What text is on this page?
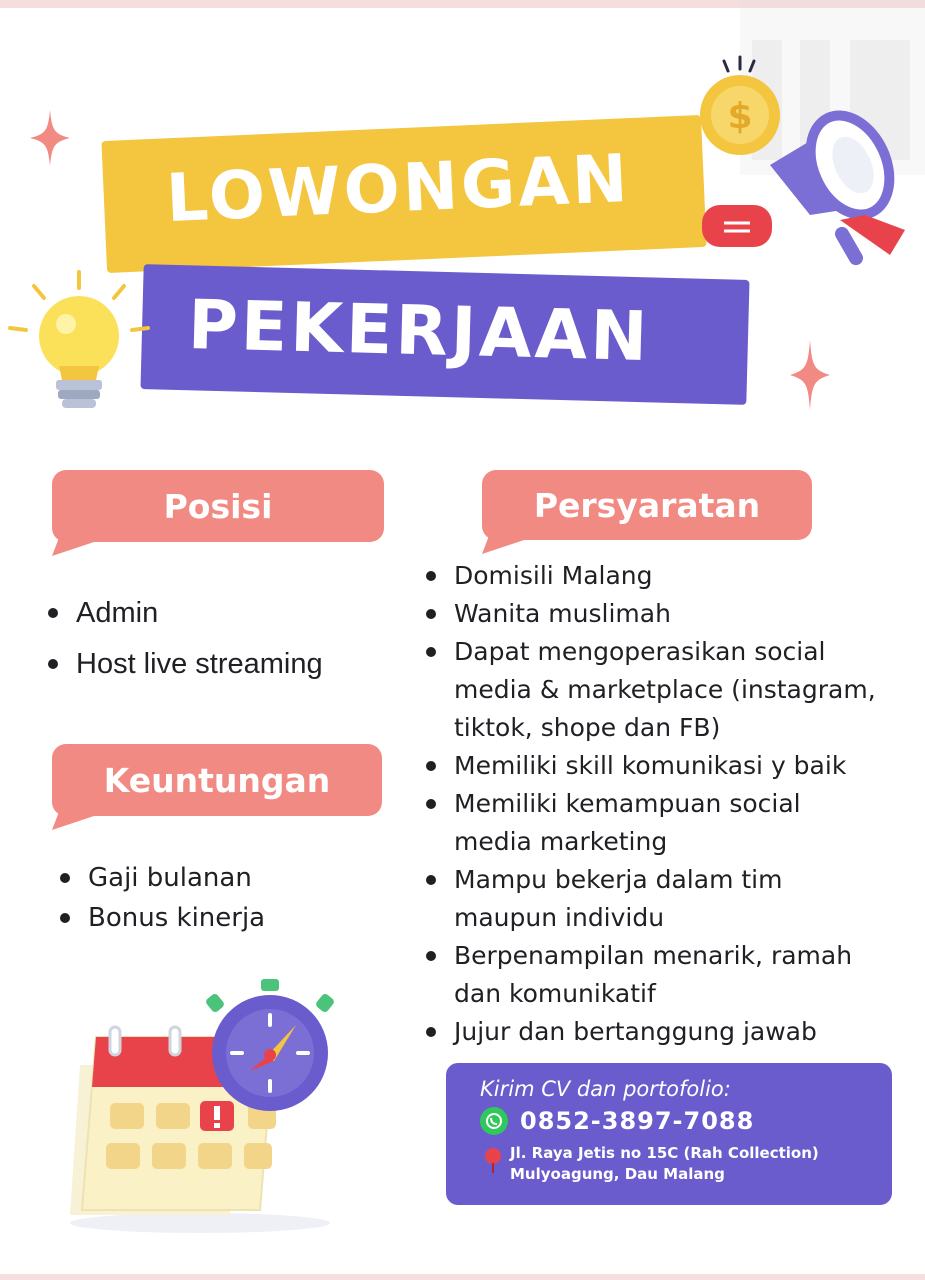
LOWONGAN
PEKERJAAN
$
Posisi
Admin
Host live streaming
Keuntungan
Gaji bulanan
Bonus kinerja
Persyaratan
Domisili Malang
Wanita muslimah
Dapat mengoperasikan social media & marketplace (instagram, tiktok, shope dan FB)
Memiliki skill komunikasi y baik
Memiliki kemampuan social media marketing
Mampu bekerja dalam tim maupun individu
Berpenampilan menarik, ramah dan komunikatif
Jujur dan bertanggung jawab
Kirim CV dan portofolio:
0852-3897-7088
Jl. Raya Jetis no 15C (Rah Collection)
Mulyoagung, Dau Malang
